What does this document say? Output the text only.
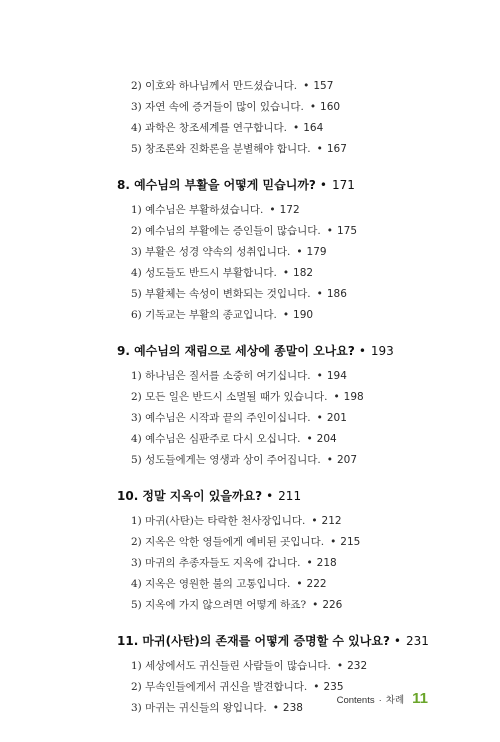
2) 이호와 하나님께서 만드셨습니다. • 157
3) 자연 속에 증거들이 많이 있습니다. • 160
4) 과학은 창조세계를 연구합니다. • 164
5) 창조론와 진화론을 분별해야 합니다. • 167
8. 예수님의 부활을 어떻게 믿습니까? • 171
1) 예수님은 부활하셨습니다. • 172
2) 예수님의 부활에는 증인들이 많습니다. • 175
3) 부활은 성경 약속의 성취입니다. • 179
4) 성도들도 반드시 부활합니다. • 182
5) 부활체는 속성이 변화되는 것입니다. • 186
6) 기독교는 부활의 종교입니다. • 190
9. 예수님의 재림으로 세상에 종말이 오나요? • 193
1) 하나님은 질서를 소중히 여기십니다. • 194
2) 모든 일은 반드시 소멸될 때가 있습니다. • 198
3) 예수님은 시작과 끝의 주인이십니다. • 201
4) 예수님은 심판주로 다시 오십니다. • 204
5) 성도들에게는 영생과 상이 주어집니다. • 207
10. 정말 지옥이 있을까요? • 211
1) 마귀(사탄)는 타락한 천사장입니다. • 212
2) 지옥은 악한 영들에게 예비된 곳입니다. • 215
3) 마귀의 추종자들도 지옥에 갑니다. • 218
4) 지옥은 영원한 불의 고통입니다. • 222
5) 지옥에 가지 않으려면 어떻게 하죠? • 226
11. 마귀(사탄)의 존재를 어떻게 증명할 수 있나요? • 231
1) 세상에서도 귀신들린 사람들이 많습니다. • 232
2) 무속인들에게서 귀신을 발견합니다. • 235
3) 마귀는 귀신들의 왕입니다. • 238
Contents · 차례 11
